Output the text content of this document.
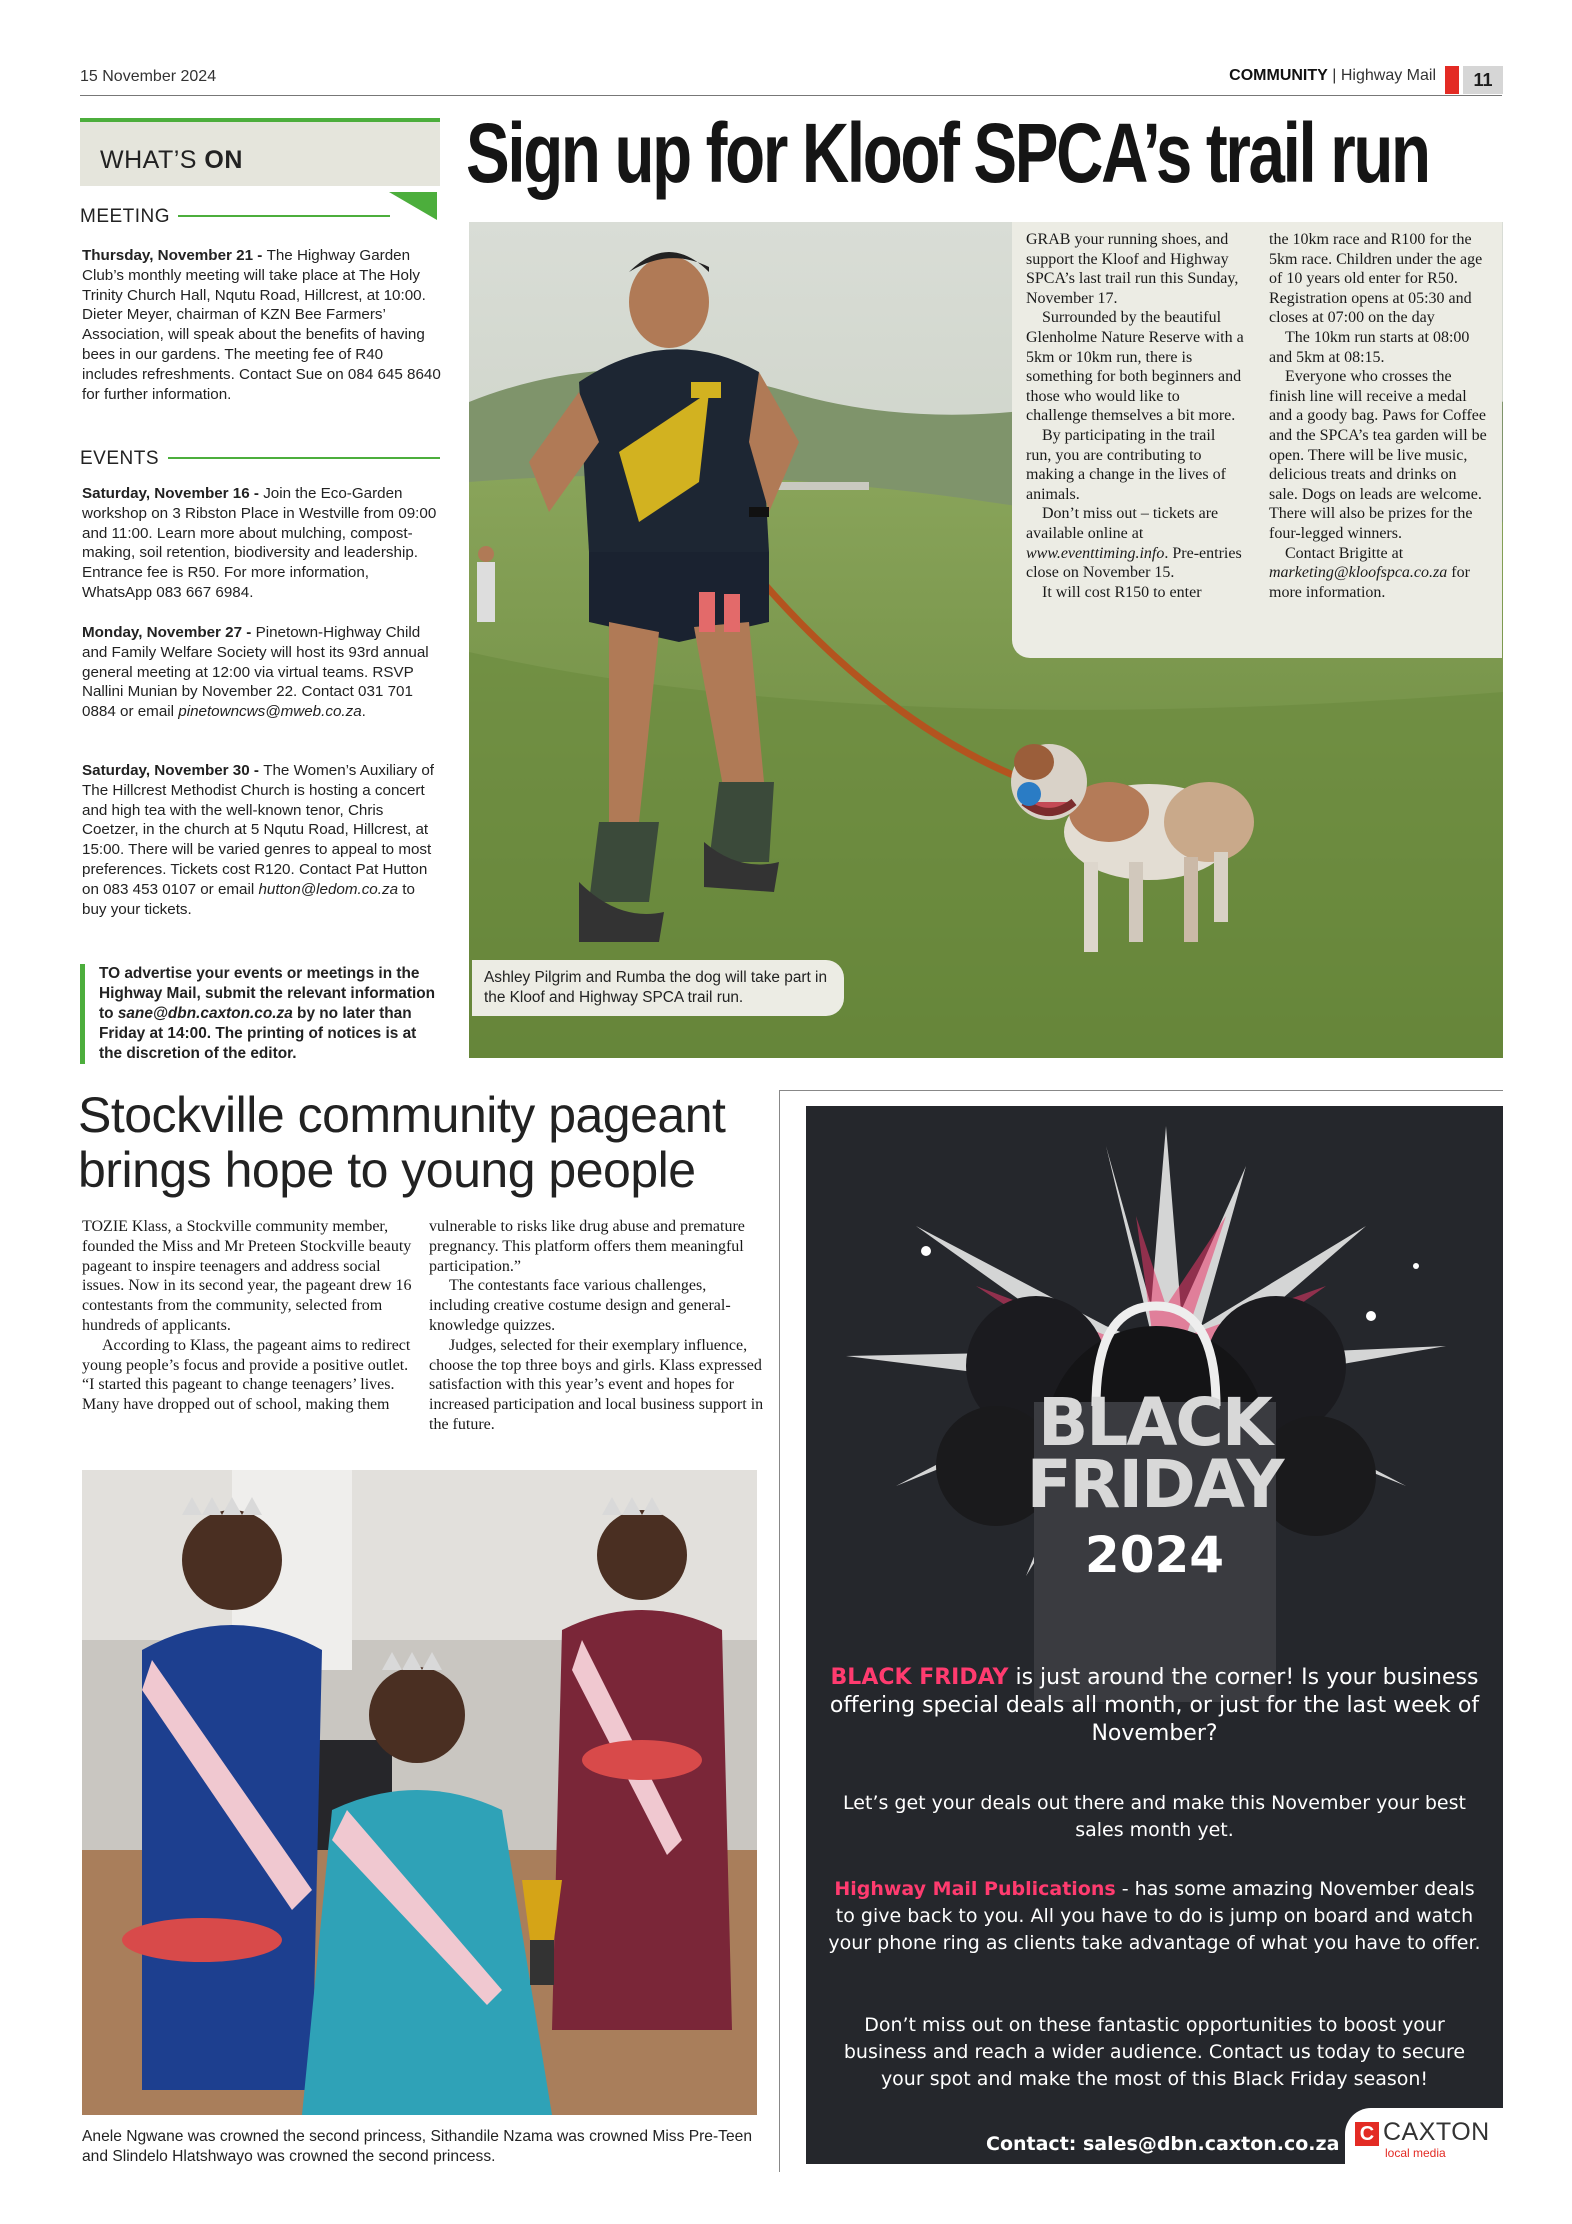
15 November 2024	COMMUNITY | Highway Mail	11
WHAT’S ON
MEETING
Thursday, November 21 - The Highway Garden Club’s monthly meeting will take place at The Holy Trinity Church Hall, Nqutu Road, Hillcrest, at 10:00. Dieter Meyer, chairman of KZN Bee Farmers’ Association, will speak about the benefits of having bees in our gardens. The meeting fee of R40 includes refreshments. Contact Sue on 084 645 8640 for further information.
EVENTS
Saturday, November 16 - Join the Eco-Garden workshop on 3 Ribston Place in Westville from 09:00 and 11:00. Learn more about mulching, compost-making, soil retention, biodiversity and leadership. Entrance fee is R50. For more information, WhatsApp 083 667 6984.
Monday, November 27 - Pinetown-Highway Child and Family Welfare Society will host its 93rd annual general meeting at 12:00 via virtual teams. RSVP Nallini Munian by November 22. Contact 031 701 0884 or email pinetowncws@mweb.co.za.
Saturday, November 30 - The Women’s Auxiliary of The Hillcrest Methodist Church is hosting a concert and high tea with the well-known tenor, Chris Coetzer, in the church at 5 Nqutu Road, Hillcrest, at 15:00. There will be varied genres to appeal to most preferences. Tickets cost R120. Contact Pat Hutton on 083 453 0107 or email hutton@ledom.co.za to buy your tickets.
TO advertise your events or meetings in the Highway Mail, submit the relevant information to sane@dbn.caxton.co.za by no later than Friday at 14:00. The printing of notices is at the discretion of the editor.
Sign up for Kloof SPCA’s trail run

GRAB your running shoes, and support the Kloof and Highway SPCA’s last trail run this Sunday, November 17.

Surrounded by the beautiful Glenholme Nature Reserve with a 5km or 10km run, there is something for both beginners and those who would like to challenge themselves a bit more.

By participating in the trail run, you are contributing to making a change in the lives of animals.

Don’t miss out – tickets are available online at www.eventtiming.info. Pre-entries close on November 15.

It will cost R150 to enter

the 10km race and R100 for the 5km race. Children under the age of 10 years old enter for R50. Registration opens at 05:30 and closes at 07:00 on the day

The 10km run starts at 08:00 and 5km at 08:15.

Everyone who crosses the finish line will receive a medal and a goody bag. Paws for Coffee and the SPCA’s tea garden will be open. There will be live music, delicious treats and drinks on sale. Dogs on leads are welcome. There will also be prizes for the four-legged winners.

Contact Brigitte at marketing@kloofspca.co.za for more information.

Ashley Pilgrim and Rumba the dog will take part in the Kloof and Highway SPCA trail run.
Stockville community pageant brings hope to young people

TOZIE Klass, a Stockville community member, founded the Miss and Mr Preteen Stockville beauty pageant to inspire teenagers and address social issues. Now in its second year, the pageant drew 16 contestants from the community, selected from hundreds of applicants.

According to Klass, the pageant aims to redirect young people’s focus and provide a positive outlet. “I started this pageant to change teenagers’ lives. Many have dropped out of school, making them

vulnerable to risks like drug abuse and premature pregnancy. This platform offers them meaningful participation.”

The contestants face various challenges, including creative costume design and general-knowledge quizzes.

Judges, selected for their exemplary influence, choose the top three boys and girls. Klass expressed satisfaction with this year’s event and hopes for increased participation and local business support in the future.

Anele Ngwane was crowned the second princess, Sithandile Nzama was crowned Miss Pre-Teen and Slindelo Hlatshwayo was crowned the second princess.
BLACK
FRIDAY
2024
BLACK FRIDAY is just around the corner! Is your business offering special deals all month, or just for the last week of November?
Let’s get your deals out there and make this November your best sales month yet.
Highway Mail Publications - has some amazing November deals to give back to you. All you have to do is jump on board and watch your phone ring as clients take advantage of what you have to offer.
Don’t miss out on these fantastic opportunities to boost your business and reach a wider audience. Contact us today to secure your spot and make the most of this Black Friday season!
Contact: sales@dbn.caxton.co.za C CAXTON
local media
